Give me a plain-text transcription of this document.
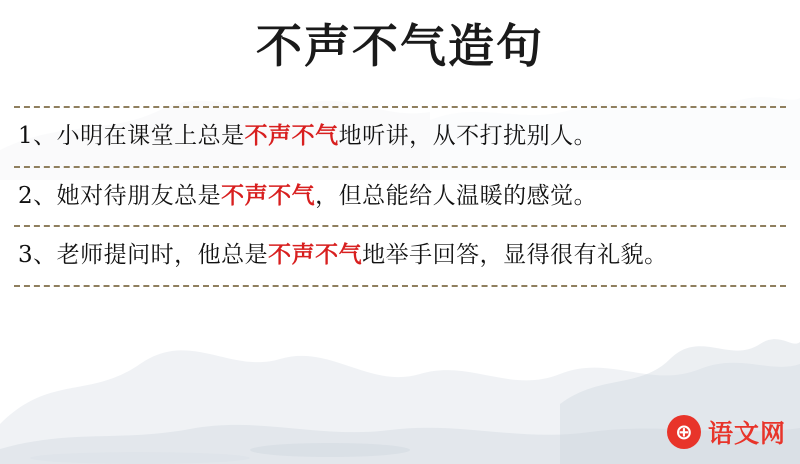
不声不气造句
1、小明在课堂上总是不声不气地听讲，从不打扰别人。
2、她对待朋友总是不声不气，但总能给人温暖的感觉。
3、老师提问时，他总是不声不气地举手回答，显得很有礼貌。
⊕ 语文网
